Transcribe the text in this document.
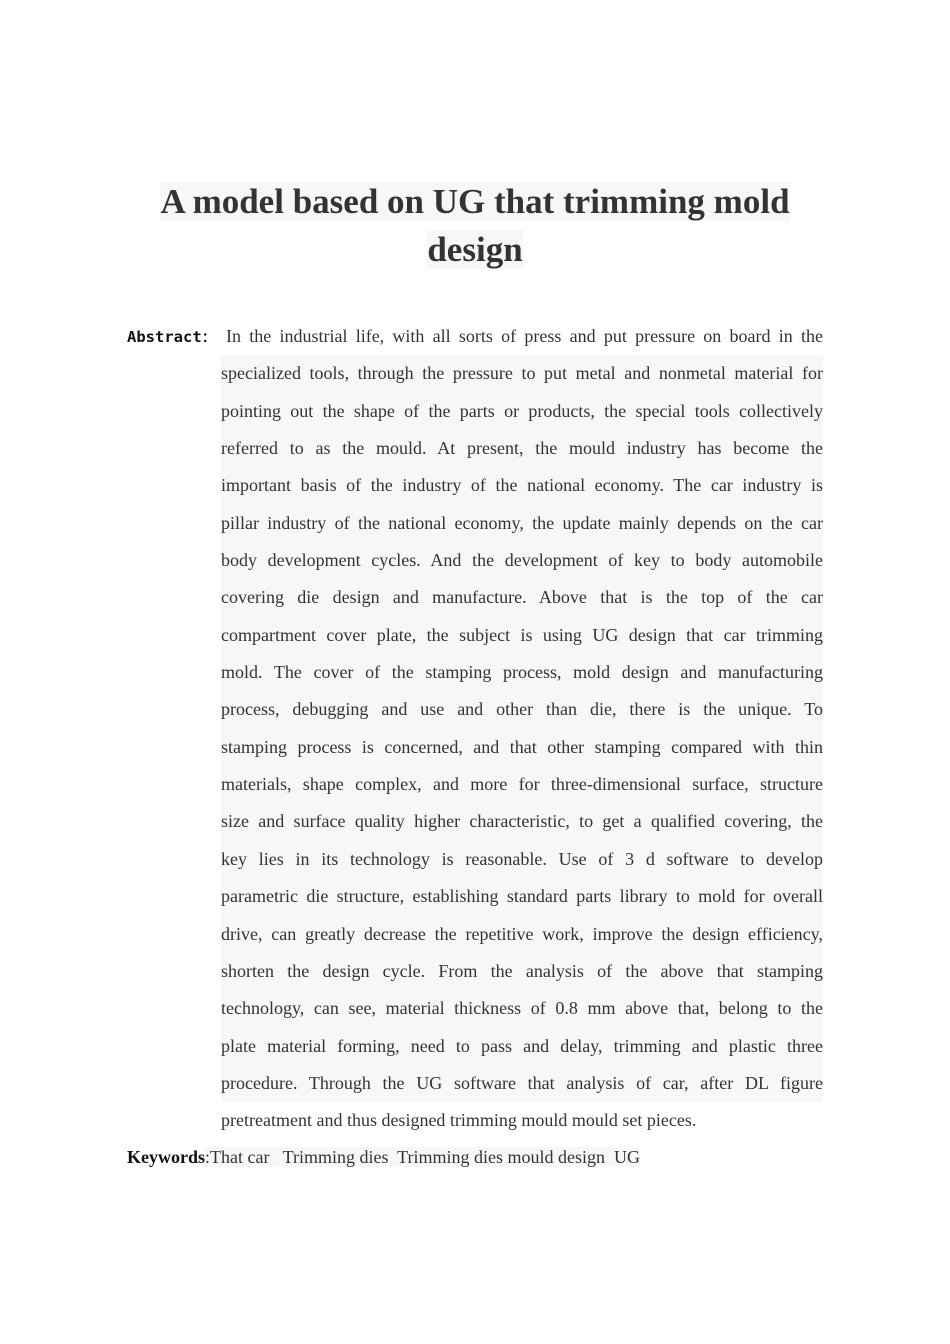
A model based on UG that trimming mold
design

Abstract： In the industrial life, with all sorts of press and put pressure on board in the
specialized tools, through the pressure to put metal and nonmetal material for
pointing out the shape of the parts or products, the special tools collectively
referred to as the mould. At present, the mould industry has become the
important basis of the industry of the national economy. The car industry is
pillar industry of the national economy, the update mainly depends on the car
body development cycles. And the development of key to body automobile
covering die design and manufacture. Above that is the top of the car
compartment cover plate, the subject is using UG design that car trimming
mold. The cover of the stamping process, mold design and manufacturing
process, debugging and use and other than die, there is the unique. To
stamping process is concerned, and that other stamping compared with thin
materials, shape complex, and more for three-dimensional surface, structure
size and surface quality higher characteristic, to get a qualified covering, the
key lies in its technology is reasonable. Use of 3 d software to develop
parametric die structure, establishing standard parts library to mold for overall
drive, can greatly decrease the repetitive work, improve the design efficiency,
shorten the design cycle. From the analysis of the above that stamping
technology, can see, material thickness of 0.8 mm above that, belong to the
plate material forming, need to pass and delay, trimming and plastic three
procedure. Through the UG software that analysis of car, after DL figure
pretreatment and thus designed trimming mould mould set pieces.

Keywords:That car   Trimming dies  Trimming dies mould design  UG
